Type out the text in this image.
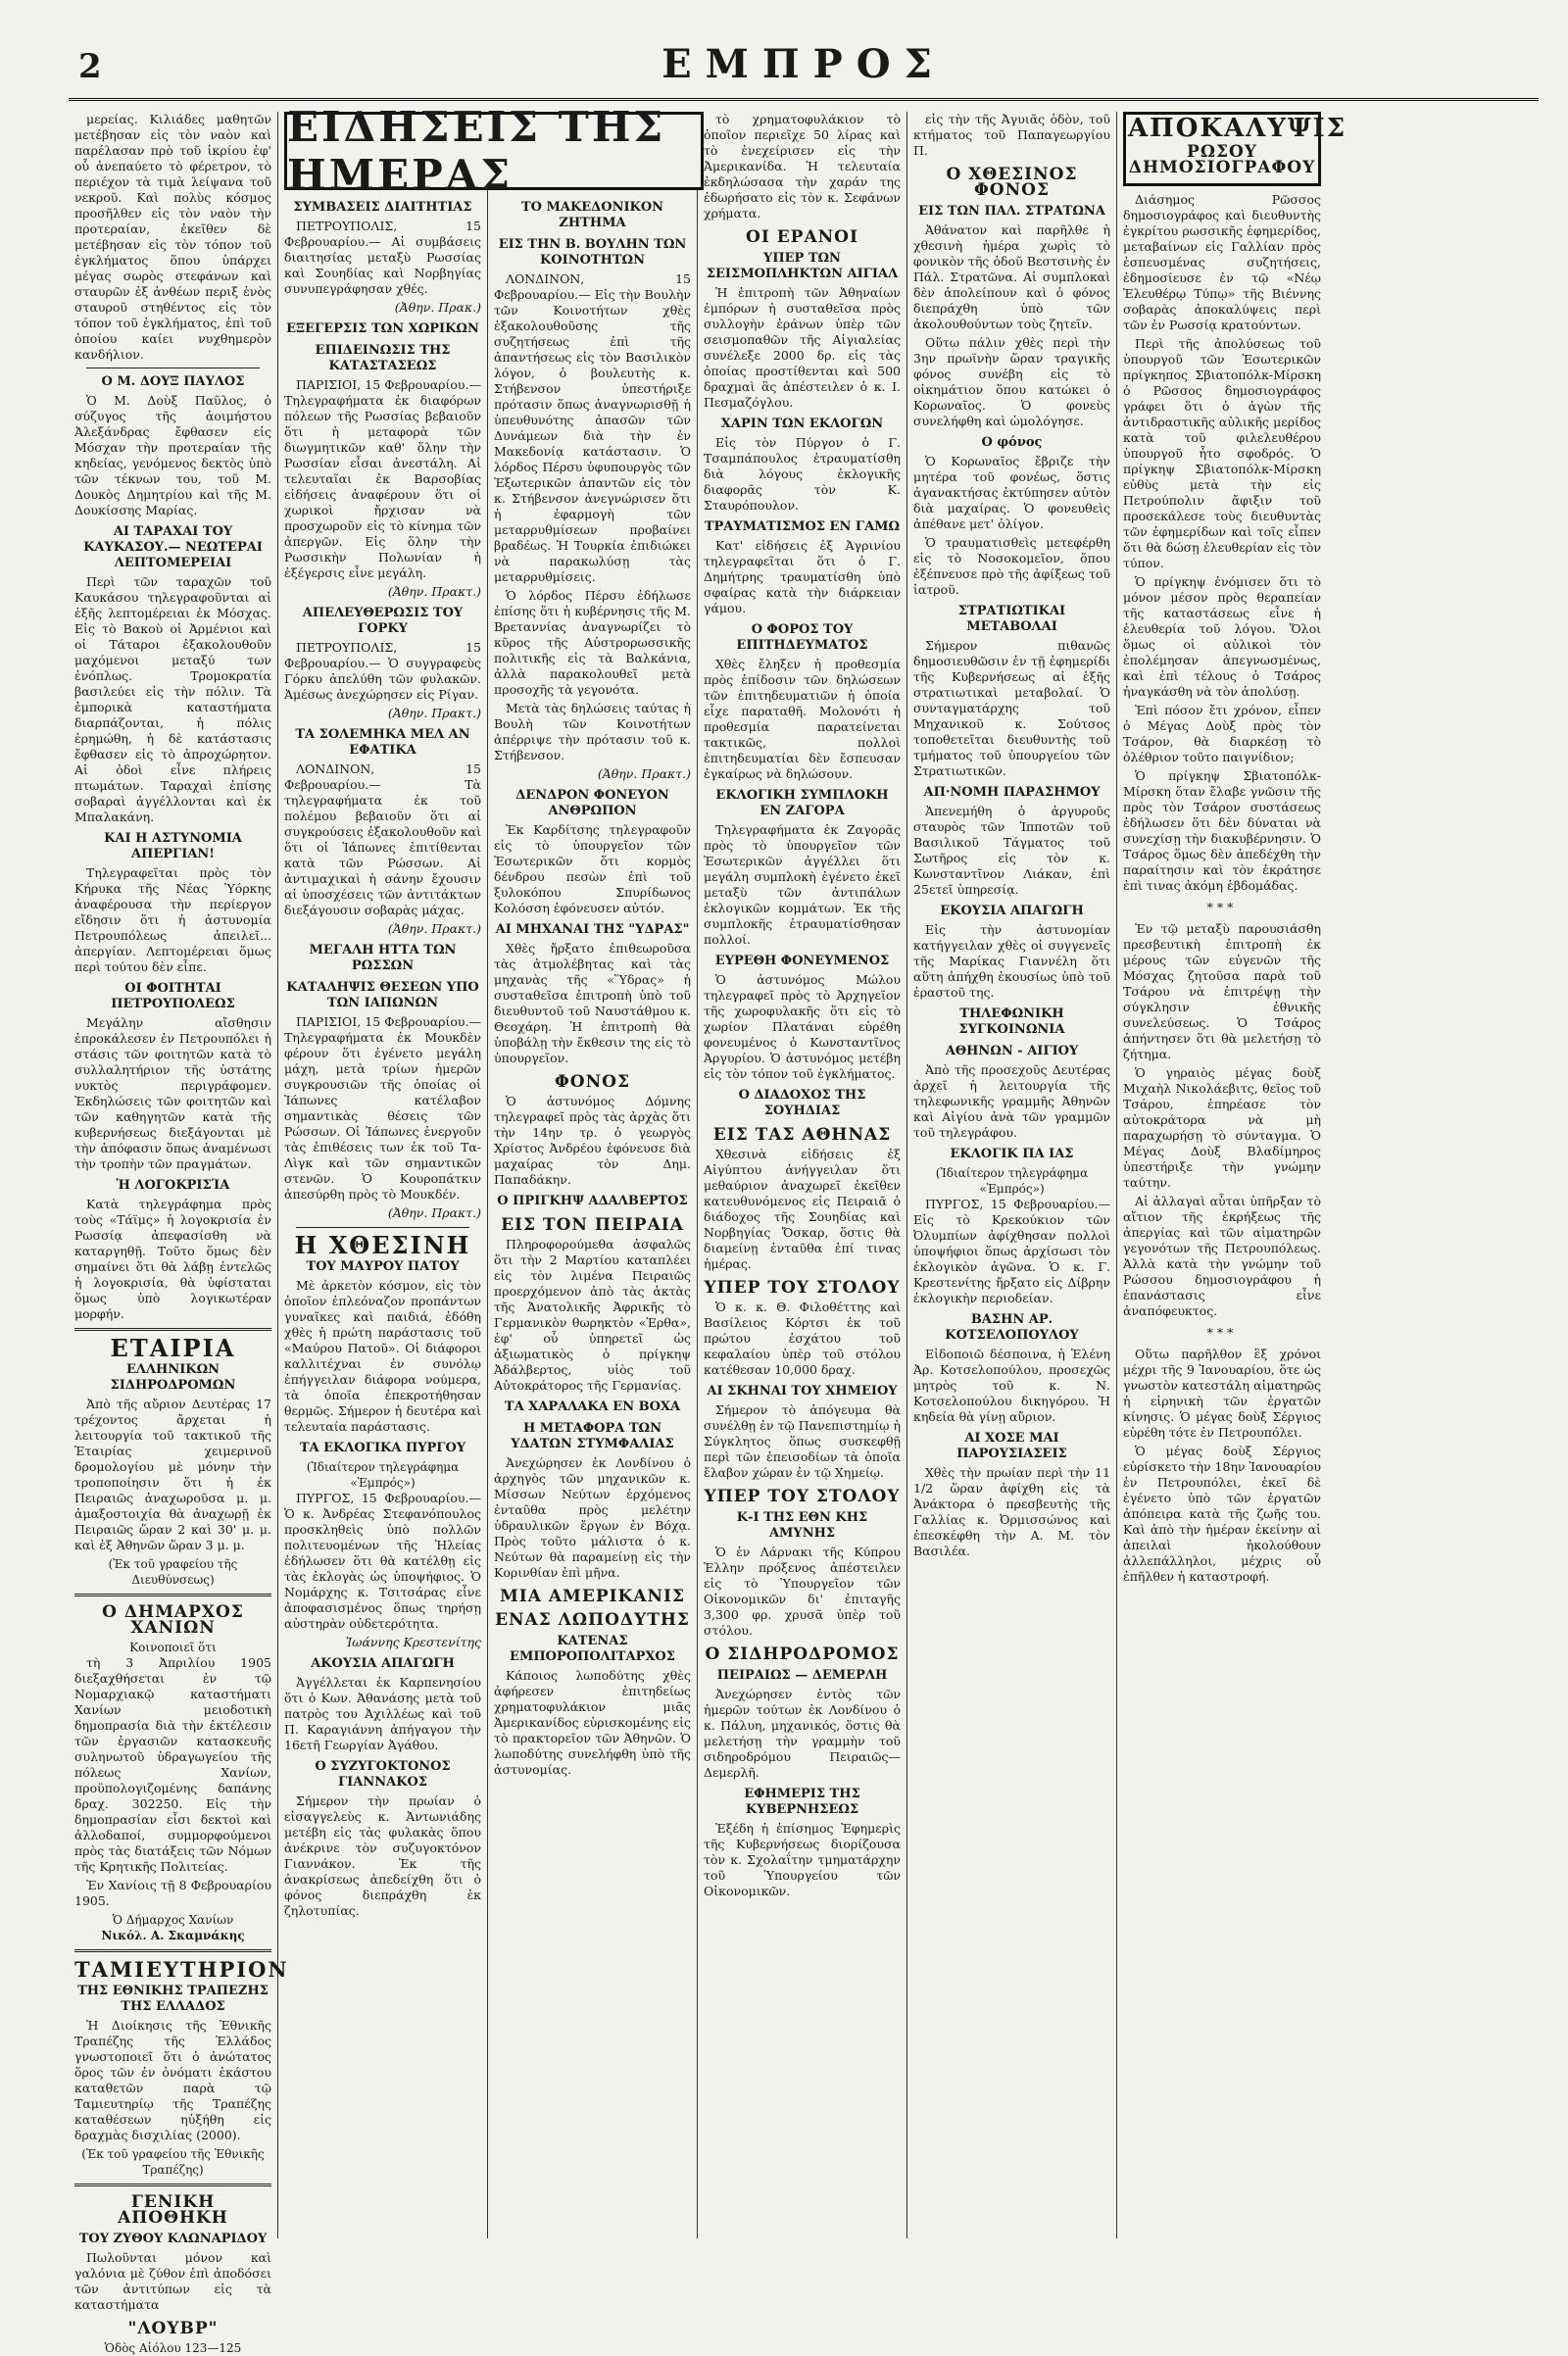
2	ΕΜΠΡΟΣ

μερείας. Κιλιάδες μαθητῶν μετέβησαν εἰς τὸν ναὸν καὶ παρέλασαν πρὸ τοῦ ἱκρίου ἐφ' οὗ ἀνεπαύετο τὸ φέρετρον, τὸ περιέχον τὰ τιμὰ λείψανα τοῦ νεκροῦ. Καὶ πολὺς κόσμος προσῆλθεν εἰς τὸν ναὸν τὴν προτεραίαν, ἐκεῖθεν δὲ μετέβησαν εἰς τὸν τόπον τοῦ ἐγκλήματος ὅπου ὑπάρχει μέγας σωρὸς στεφάνων καὶ σταυρῶν ἐξ ἀνθέων περιξ ἑνὸς σταυροῦ στηθέντος εἰς τὸν τόπον τοῦ ἐγκλήματος, ἐπὶ τοῦ ὁποίου καίει νυχθημερὸν κανδήλιον.

Ο Μ. ΔΟΥΞ ΠΑΥΛΟΣ

Ὁ Μ. Δοὺξ Παῦλος, ὁ σύζυγος τῆς ἀοιμήστου Ἀλεξάνδρας ἔφθασεν εἰς Μόσχαν τὴν προτεραίαν τῆς κηδείας, γενόμενος δεκτὸς ὑπὸ τῶν τέκνων του, τοῦ Μ. Δουκὸς Δημητρίου καὶ τῆς Μ. Δουκίσσης Μαρίας.

ΑΙ ΤΑΡΑΧΑΙ ΤΟΥ ΚΑΥΚΑΣΟΥ.— ΝΕΩΤΕΡΑΙ ΛΕΠΤΟΜΕΡΕΙΑΙ

Περὶ τῶν ταραχῶν τοῦ Καυκάσου τηλεγραφοῦνται αἱ ἑξῆς λεπτομέρειαι ἐκ Μόσχας. Εἰς τὸ Βακοὺ οἱ Ἀρμένιοι καὶ οἱ Τάταροι ἐξακολουθοῦν μαχόμενοι μεταξύ των ἐνόπλως. Τρομοκρατία βασιλεύει εἰς τὴν πόλιν. Τὰ ἐμπορικὰ καταστήματα διαρπάζονται, ἡ πόλις ἐρημώθη, ἡ δὲ κατάστασις ἔφθασεν εἰς τὸ ἀπροχώρητον. Αἱ ὁδοὶ εἶνε πλήρεις πτωμάτων. Ταραχαὶ ἐπίσης σοβαραὶ ἀγγέλλονται καὶ ἐκ Μπαλακάνη.

ΚΑΙ Η ΑΣΤΥΝΟΜΙΑ ΑΠΕΡΓΙΑΝ!

Τηλεγραφεῖται πρὸς τὸν Κήρυκα τῆς Νέας Ὑόρκης ἀναφέρουσα τὴν περίεργον εἴδησιν ὅτι ἡ ἀστυνομία Πετρουπόλεως ἀπειλεῖ... ἀπεργίαν. Λεπτομέρειαι ὅμως περὶ τούτου δὲν εἶπε.

ΟΙ ΦΟΙΤΗΤΑΙ ΠΕΤΡΟΥΠΟΛΕΩΣ

Μεγάλην αἴσθησιν ἐπροκάλεσεν ἐν Πετρουπόλει ἡ στάσις τῶν φοιτητῶν κατὰ τὸ συλλαλητήριον τῆς ὑστάτης νυκτὸς περιγράφομεν. Ἐκδηλώσεις τῶν φοιτητῶν καὶ τῶν καθηγητῶν κατὰ τῆς κυβερνήσεως διεξάγονται μὲ τὴν ἀπόφασιν ὅπως ἀναμένωσι τὴν τροπὴν τῶν πραγμάτων.

Ἡ ΛΟΓΟΚΡΙΣΊΑ

Κατὰ τηλεγράφημα πρὸς τοὺς «Τάϊμς» ἡ λογοκρισία ἐν Ρωσσίᾳ ἀπεφασίσθη νὰ καταργηθῇ. Τοῦτο ὅμως δὲν σημαίνει ὅτι θὰ λάβῃ ἐντελῶς ἡ λογοκρισία, θὰ ὑφίσταται ὅμως ὑπὸ λογικωτέραν μορφήν.

ΕΤΑΙΡΙΑ
ΕΛΛΗΝΙΚΩΝ ΣΙΔΗΡΟΔΡΟΜΩΝ

Ἀπὸ τῆς αὔριον Δευτέρας 17 τρέχοντος ἄρχεται ἡ λειτουργία τοῦ τακτικοῦ τῆς Ἑταιρίας χειμερινοῦ δρομολογίου μὲ μόνην τὴν τροποποίησιν ὅτι ἡ ἐκ Πειραιῶς ἀναχωροῦσα μ. μ. ἁμαξοστοιχία θὰ ἀναχωρῇ ἐκ Πειραιῶς ὥραν 2 καὶ 30' μ. μ. καὶ ἐξ Ἀθηνῶν ὥραν 3 μ. μ.

(Ἐκ τοῦ γραφείου τῆς Διευθύνσεως)
Ο ΔΗΜΑΡΧΟΣ ΧΑΝΙΩΝ
Κοινοποιεῖ ὅτι

τὴ 3 Ἀπριλίου 1905 διεξαχθήσεται ἐν τῷ Νομαρχιακῷ καταστήματι Χανίων μειοδοτικὴ δημοπρασία διὰ τὴν ἐκτέλεσιν τῶν ἐργασιῶν κατασκευῆς συληνωτοῦ ὑδραγωγείου τῆς πόλεως Χανίων, προϋπολογιζομένης δαπάνης δραχ. 302250. Εἰς τὴν δημοπρασίαν εἶσι δεκτοὶ καὶ ἀλλοδαποί, συμμορφούμενοι πρὸς τὰς διατάξεις τῶν Νόμων τῆς Κρητικῆς Πολιτείας.

Ἐν Χανίοις τῇ 8 Φεβρουαρίου 1905.

Ὁ Δήμαρχος Χανίων
Νικόλ. Α. Σκαμνάκης
ΤΑΜΙΕΥΤΗΡΙΟΝ
ΤΗΣ ΕΘΝΙΚΗΣ ΤΡΑΠΕΖΗΣ ΤΗΣ ΕΛΛΑΔΟΣ

Ἡ Διοίκησις τῆς Ἐθνικῆς Τραπέζης τῆς Ἑλλάδος γνωστοποιεῖ ὅτι ὁ ἀνώτατος ὅρος τῶν ἐν ὀνόματι ἑκάστου καταθετῶν παρὰ τῷ Ταμιευτηρίῳ τῆς Τραπέζης καταθέσεων ηὐξήθη εἰς δραχμὰς δισχιλίας (2000).

(Ἐκ τοῦ γραφείου τῆς Ἐθνικῆς Τραπέζης)
ΓΕΝΙΚΗ ΑΠΟΘΗΚΗ
ΤΟΥ ΖΥΘΟΥ ΚΛΩΝΑΡΙΔΟΥ

Πωλοῦνται μόνον καὶ γαλόνια μὲ ζύθον ἐπὶ ἀποδόσει τῶν ἀντιτύπων εἰς τὰ καταστήματα

"ΛΟΥΒΡ"
Ὁδὸς Αἰόλου 123—125
ΣΥΜΒΑΣΕΙΣ ΔΙΑΙΤΗΤΙΑΣ

ΠΕΤΡΟΥΠΟΛΙΣ, 15 Φεβρουαρίου.— Αἱ συμβάσεις διαιτησίας μεταξὺ Ρωσσίας καὶ Σουηδίας καὶ Νορβηγίας συνυπεγράφησαν χθές.

(Ἀθην. Πρακ.)
ΕΞΕΓΕΡΣΙΣ ΤΩΝ ΧΩΡΙΚΩΝ
ΕΠΙΔΕΙΝΩΣΙΣ ΤΗΣ ΚΑΤΑΣΤΑΣΕΩΣ

ΠΑΡΙΣΙΟΙ, 15 Φεβρουαρίου.— Τηλεγραφήματα ἐκ διαφόρων πόλεων τῆς Ρωσσίας βεβαιοῦν ὅτι ἡ μεταφορὰ τῶν διωγμητικῶν καθ' ὅλην τὴν Ρωσσίαν εἶσαι ἀνεστάλη. Αἱ τελευταῖαι ἐκ Βαρσοβίας εἰδήσεις ἀναφέρουν ὅτι οἱ χωρικοὶ ἤρχισαν νὰ προσχωροῦν εἰς τὸ κίνημα τῶν ἀπεργῶν. Εἰς ὅλην τὴν Ρωσσικὴν Πολωνίαν ἡ ἐξέγερσις εἶνε μεγάλη.

(Ἀθην. Πρακτ.)
ΑΠΕΛΕΥΘΕΡΩΣΙΣ ΤΟΥ ΓΟΡΚΥ

ΠΕΤΡΟΥΠΟΛΙΣ, 15 Φεβρουαρίου.— Ὁ συγγραφεὺς Γόρκυ ἀπελύθη τῶν φυλακῶν. Ἀμέσως ἀνεχώρησεν εἰς Ρίγαν.

(Ἀθην. Πρακτ.)
ΤΑ ΣΟΛΕΜΗΚΑ ΜΕΛ ΑΝ ΕΦΑΤΙΚΑ

ΛΟΝΔΙΝΟΝ, 15 Φεβρουαρίου.— Τὰ τηλεγραφήματα ἐκ τοῦ πολέμου βεβαιοῦν ὅτι αἱ συγκρούσεις ἐξακολουθοῦν καὶ ὅτι οἱ Ἰάπωνες ἐπιτίθενται κατὰ τῶν Ρώσσων. Αἱ ἀντιμαχικαὶ ἡ σάνην ἔχουσιν αἱ ὑποσχέσεις τῶν ἀντιτάκτων διεξάγουσιν σοβαρὰς μάχας.

(Ἀθην. Πρακτ.)
ΜΕΓΑΛΗ ΗΤΤΑ ΤΩΝ ΡΩΣΣΩΝ
ΚΑΤΑΛΗΨΙΣ ΘΕΣΕΩΝ ΥΠΟ ΤΩΝ ΙΑΠΩΝΩΝ

ΠΑΡΙΣΙΟΙ, 15 Φεβρουαρίου.— Τηλεγραφήματα ἐκ Μουκδὲν φέρουν ὅτι ἐγένετο μεγάλη μάχη, μετὰ τρίων ἡμερῶν συγκρουσιῶν τῆς ὁποίας οἱ Ἰάπωνες κατέλαβον σημαντικὰς θέσεις τῶν Ρώσσων. Οἱ Ἰάπωνες ἐνεργοῦν τὰς ἐπιθέσεις των ἐκ τοῦ Τα-Λὶγκ καὶ τῶν σημαντικῶν στενῶν. Ὁ Κουροπάτκιν ἀπεσύρθη πρὸς τὸ Μουκδέν.

(Ἀθην. Πρακτ.)
Η ΧΘΕΣΙΝΗ
ΤΟΥ ΜΑΥΡΟΥ ΠΑΤΟΥ

Μὲ ἀρκετὸν κόσμον, εἰς τὸν ὁποῖον ἐπλεόναζον προπάντων γυναῖκες καὶ παιδιά, ἐδόθη χθὲς ἡ πρώτη παράστασις τοῦ «Μαύρου Πατοῦ». Οἱ διάφοροι καλλιτέχναι ἐν συνόλῳ ἐπήγγειλαν διάφορα νούμερα, τὰ ὁποῖα ἐπεκροτήθησαν θερμῶς. Σήμερον ἡ δευτέρα καὶ τελευταία παράστασις.

ΤΑ ΕΚΛΟΓΙΚΑ ΠΥΡΓΟΥ
(Ἰδιαίτερον τηλεγράφημα «Ἐμπρός»)

ΠΥΡΓΟΣ, 15 Φεβρουαρίου.— Ὁ κ. Ἀνδρέας Στεφανόπουλος προσκληθεὶς ὑπὸ πολλῶν πολιτευομένων τῆς Ἠλείας ἐδήλωσεν ὅτι θὰ κατέλθῃ εἰς τὰς ἐκλογὰς ὡς ὑποψήφιος. Ὁ Νομάρχης κ. Τσιτσάρας εἶνε ἀποφασισμένος ὅπως τηρήσῃ αὐστηρὰν οὐδετερότητα.

Ἰωάννης Κρεστενίτης
ΑΚΟΥΣΙΑ ΑΠΑΓΩΓΗ

Ἀγγέλλεται ἐκ Καρπενησίου ὅτι ὁ Κων. Ἀθανάσης μετὰ τοῦ πατρὸς του Ἀχιλλέως καὶ τοῦ Π. Καραγιάννη ἀπήγαγον τὴν 16ετῆ Γεωργίαν Ἀγάθου.

Ο ΣΥΖΥΓΟΚΤΟΝΟΣ ΓΙΑΝΝΑΚΟΣ

Σήμερον τὴν πρωίαν ὁ εἰσαγγελεὺς κ. Ἀντωνιάδης μετέβη εἰς τὰς φυλακὰς ὅπου ἀνέκρινε τὸν συζυγοκτόνον Γιαννάκον. Ἐκ τῆς ἀνακρίσεως ἀπεδείχθη ὅτι ὁ φόνος διεπράχθη ἐκ ζηλοτυπίας.

ΤΟ ΜΑΚΕΔΟΝΙΚΟΝ ΖΗΤΗΜΑ
ΕΙΣ ΤΗΝ Β. ΒΟΥΛΗΝ ΤΩΝ ΚΟΙΝΟΤΗΤΩΝ

ΛΟΝΔΙΝΟΝ, 15 Φεβρουαρίου.— Εἰς τὴν Βουλὴν τῶν Κοινοτήτων χθὲς ἐξακολουθοῦσης τῆς συζητήσεως ἐπὶ τῆς ἀπαντήσεως εἰς τὸν Βασιλικὸν λόγον, ὁ βουλευτὴς κ. Στήβενσον ὑπεστήριξε πρότασιν ὅπως ἀναγνωρισθῇ ἡ ὑπευθυνότης ἁπασῶν τῶν Δυνάμεων διὰ τὴν ἐν Μακεδονίᾳ κατάστασιν. Ὁ λόρδος Πέρσυ ὑφυπουργὸς τῶν Ἐξωτερικῶν ἀπαντῶν εἰς τὸν κ. Στήβενσον ἀνεγνώρισεν ὅτι ἡ ἐφαρμογὴ τῶν μεταρρυθμίσεων προβαίνει βραδέως. Ἡ Τουρκία ἐπιδιώκει νὰ παρακωλύσῃ τὰς μεταρρυθμίσεις.

Ὁ λόρδος Πέρσυ ἐδήλωσε ἐπίσης ὅτι ἡ κυβέρνησις τῆς Μ. Βρεταννίας ἀναγνωρίζει τὸ κῦρος τῆς Αὐστρορωσσικῆς πολιτικῆς εἰς τὰ Βαλκάνια, ἀλλὰ παρακολουθεῖ μετὰ προσοχῆς τὰ γεγονότα.

Μετὰ τὰς δηλώσεις ταύτας ἡ Βουλὴ τῶν Κοινοτήτων ἀπέρριψε τὴν πρότασιν τοῦ κ. Στήβενσον.

(Ἀθην. Πρακτ.)
ΔΕΝΔΡΟΝ ΦΟΝΕΥΟΝ ΑΝΘΡΩΠΟΝ

Ἐκ Καρδίτσης τηλεγραφοῦν εἰς τὸ ὑπουργεῖον τῶν Ἐσωτερικῶν ὅτι κορμὸς δένδρου πεσὼν ἐπὶ τοῦ ξυλοκόπου Σπυρίδωνος Κολόσση ἐφόνευσεν αὐτόν.

ΑΙ ΜΗΧΑΝΑΙ ΤΗΣ "ΥΔΡΑΣ"

Χθὲς ἤρξατο ἐπιθεωροῦσα τὰς ἀτμολέβητας καὶ τὰς μηχανὰς τῆς «Ὕδρας» ἡ συσταθεῖσα ἐπιτροπὴ ὑπὸ τοῦ διευθυντοῦ τοῦ Ναυστάθμου κ. Θεοχάρη. Ἡ ἐπιτροπὴ θὰ ὑποβάλῃ τὴν ἔκθεσιν της εἰς τὸ ὑπουργεῖον.

ΦΟΝΟΣ

Ὁ ἀστυνόμος Δόμνης τηλεγραφεῖ πρὸς τὰς ἀρχὰς ὅτι τὴν 14ην τρ. ὁ γεωργὸς Χρίστος Ἀνδρέου ἐφόνευσε διὰ μαχαίρας τὸν Δημ. Παπαδάκην.

Ο ΠΡΙΓΚΗΨ ΑΔΑΛΒΕΡΤΟΣ
ΕΙΣ ΤΟΝ ΠΕΙΡΑΙΑ

Πληροφορούμεθα ἀσφαλῶς ὅτι τὴν 2 Μαρτίου καταπλέει εἰς τὸν λιμένα Πειραιῶς προερχόμενον ἀπὸ τὰς ἀκτὰς τῆς Ἀνατολικῆς Ἀφρικῆς τὸ Γερμανικὸν θωρηκτὸν «Ἐρθα», ἐφ' οὗ ὑπηρετεῖ ὡς ἀξιωματικὸς ὁ πρίγκηψ Ἀδάλβερτος, υἱὸς τοῦ Αὐτοκράτορος τῆς Γερμανίας.

ΤΑ ΧΑΡΑΛΑΚΑ ΕΝ ΒΟΧΑ
Η ΜΕΤΑΦΟΡΑ ΤΩΝ ΥΔΑΤΩΝ ΣΤΥΜΦΑΛΙΑΣ

Ἀνεχώρησεν ἐκ Λονδίνου ὁ ἀρχηγὸς τῶν μηχανικῶν κ. Μίσσων Νεύτων ἐρχόμενος ἐνταῦθα πρὸς μελέτην ὑδραυλικῶν ἔργων ἐν Βόχᾳ. Πρὸς τοῦτο μάλιστα ὁ κ. Νεύτων θὰ παραμείνῃ εἰς τὴν Κορινθίαν ἐπὶ μῆνα.

ΜΙΑ ΑΜΕΡΙΚΑΝΙΣ
ΕΝΑΣ ΛΩΠΟΔΥΤΗΣ
ΚΑΤΕΝΑΣ ΕΜΠΟΡΟΠΟΛΙΤΑΡΧΟΣ

Κάποιος λωποδύτης χθὲς ἀφήρεσεν ἐπιτηδείως χρηματοφυλάκιον μιᾶς Ἀμερικανίδος εὑρισκομένης εἰς τὸ πρακτορεῖον τῶν Ἀθηνῶν. Ὁ λωποδύτης συνελήφθη ὑπὸ τῆς ἀστυνομίας.

τὸ χρηματοφυλάκιον τὸ ὁποῖον περιεῖχε 50 λίρας καὶ τὸ ἐνεχείρισεν εἰς τὴν Ἀμερικανίδα. Ἡ τελευταία ἐκδηλώσασα τὴν χαράν της ἐδωρήσατο εἰς τὸν κ. Σεφάνων χρήματα.

ΟΙ ΕΡΑΝΟΙ
ΥΠΕΡ ΤΩΝ ΣΕΙΣΜΟΠΛΗΚΤΩΝ ΑΙΓΙΑΛ

Ἡ ἐπιτροπὴ τῶν Ἀθηναίων ἐμπόρων ἡ συσταθεῖσα πρὸς συλλογὴν ἐράνων ὑπὲρ τῶν σεισμοπαθῶν τῆς Αἰγιαλείας συνέλεξε 2000 δρ. εἰς τὰς ὁποίας προστίθενται καὶ 500 δραχμαὶ ἃς ἀπέστειλεν ὁ κ. Ι. Πεσμαζόγλου.

ΧΑΡΙΝ ΤΩΝ ΕΚΛΟΓΩΝ

Εἰς τὸν Πύργον ὁ Γ. Τσαμπάπουλος ἐτραυματίσθη διὰ λόγους ἐκλογικῆς διαφορᾶς τὸν Κ. Σταυρόπουλον.

ΤΡΑΥΜΑΤΙΣΜΟΣ ΕΝ ΓΑΜΩ

Κατ' εἰδήσεις ἐξ Ἀγρινίου τηλεγραφεῖται ὅτι ὁ Γ. Δημήτρης τραυματίσθη ὑπὸ σφαίρας κατὰ τὴν διάρκειαν γάμου.

Ο ΦΟΡΟΣ ΤΟΥ ΕΠΙΤΗΔΕΥΜΑΤΟΣ

Χθὲς ἔληξεν ἡ προθεσμία πρὸς ἐπίδοσιν τῶν δηλώσεων τῶν ἐπιτηδευματιῶν ἡ ὁποία εἶχε παραταθῆ. Μολονότι ἡ προθεσμία παρατείνεται τακτικῶς, πολλοὶ ἐπιτηδευματίαι δὲν ἔσπευσαν ἐγκαίρως νὰ δηλώσουν.

ΕΚΛΟΓΙΚΗ ΣΥΜΠΛΟΚΗ ΕΝ ΖΑΓΟΡΑ

Τηλεγραφήματα ἐκ Ζαγορᾶς πρὸς τὸ ὑπουργεῖον τῶν Ἐσωτερικῶν ἀγγέλλει ὅτι μεγάλη συμπλοκὴ ἐγένετο ἐκεῖ μεταξὺ τῶν ἀντιπάλων ἐκλογικῶν κομμάτων. Ἐκ τῆς συμπλοκῆς ἐτραυματίσθησαν πολλοί.

ΕΥΡΕΘΗ ΦΟΝΕΥΜΕΝΟΣ

Ὁ ἀστυνόμος Μώλου τηλεγραφεῖ πρὸς τὸ Ἀρχηγεῖον τῆς χωροφυλακῆς ὅτι εἰς τὸ χωρίον Πλατάναι εὑρέθη φονευμένος ὁ Κωνσταντῖνος Ἀργυρίου. Ὁ ἀστυνόμος μετέβη εἰς τὸν τόπον τοῦ ἐγκλήματος.

Ο ΔΙΑΔΟΧΟΣ ΤΗΣ ΣΟΥΗΔΙΑΣ
ΕΙΣ ΤΑΣ ΑΘΗΝΑΣ

Χθεσινὰ εἰδήσεις ἐξ Αἰγύπτου ἀνήγγειλαν ὅτι μεθαύριον ἀναχωρεῖ ἐκεῖθεν κατευθυνόμενος εἰς Πειραιᾶ ὁ διάδοχος τῆς Σουηδίας καὶ Νορβηγίας Ὄσκαρ, ὅστις θὰ διαμείνῃ ἐνταῦθα ἐπί τινας ἡμέρας.

ΥΠΕΡ ΤΟΥ ΣΤΟΛΟΥ

Ὁ κ. κ. Θ. Φιλοθέττης καὶ Βασίλειος Κόρτσι ἐκ τοῦ πρώτου ἐσχάτου τοῦ κεφαλαίου ὑπὲρ τοῦ στόλου κατέθεσαν 10,000 δραχ.

ΑΙ ΣΚΗΝΑΙ ΤΟΥ ΧΗΜΕΙΟΥ

Σήμερον τὸ ἀπόγευμα θὰ συνέλθῃ ἐν τῷ Πανεπιστημίῳ ἡ Σύγκλητος ὅπως συσκεφθῇ περὶ τῶν ἐπεισοδίων τὰ ὁποῖα ἔλαβον χώραν ἐν τῷ Χημείῳ.

ΥΠΕΡ ΤΟΥ ΣΤΟΛΟΥ
Κ-Ι ΤΗΣ ΕΘΝ ΚΗΣ ΑΜΥΝΗΣ

Ὁ ἐν Λάρνακι τῆς Κύπρου Ἑλλην πρόξενος ἀπέστειλεν εἰς τὸ Ὑπουργεῖον τῶν Οἰκονομικῶν δι' ἐπιταγῆς 3,300 φρ. χρυσᾶ ὑπὲρ τοῦ στόλου.

Ο ΣΙΔΗΡΟΔΡΟΜΟΣ
ΠΕΙΡΑΙΩΣ — ΔΕΜΕΡΛΗ

Ἀνεχώρησεν ἐντὸς τῶν ἡμερῶν τούτων ἐκ Λονδίνου ὁ κ. Πάλυη, μηχανικός, ὅστις θὰ μελετήσῃ τὴν γραμμὴν τοῦ σιδηροδρόμου Πειραιῶς—Δεμερλῆ.

ΕΦΗΜΕΡΙΣ ΤΗΣ ΚΥΒΕΡΝΗΣΕΩΣ

Ἐξέδη ἡ ἐπίσημος Ἐφημερὶς τῆς Κυβερνήσεως διορίζουσα τὸν κ. Σχολαΐτην τμηματάρχην τοῦ Ὑπουργείου τῶν Οἰκονομικῶν.

εἰς τὴν τῆς Ἀγυιᾶς ὁδὸν, τοῦ κτήματος τοῦ Παπαγεωργίου Π.

Ο ΧΘΕΣΙΝΟΣ ΦΟΝΟΣ
ΕΙΣ ΤΩΝ ΠΑΛ. ΣΤΡΑΤΩΝΑ

Ἀθάνατον καὶ παρῆλθε ἡ χθεσινὴ ἡμέρα χωρὶς τὸ φονικὸν τῆς ὁδοῦ Βεστσινὴς ἐν Πάλ. Στρατῶνα. Αἱ συμπλοκαὶ δὲν ἀπολείπουν καὶ ὁ φόνος διεπράχθη ὑπὸ τῶν ἀκολουθούντων τοὺς ζητεῖν.

Οὕτω πάλιν χθὲς περὶ τὴν 3ην πρωϊνὴν ὥραν τραγικῆς φόνος συνέβη εἰς τὸ οἰκημάτιον ὅπου κατώκει ὁ Κορωναῖος. Ὁ φονεὺς συνελήφθη καὶ ὡμολόγησε.

Ο φόνος

Ὁ Κορωναῖος ἔβριζε τὴν μητέρα τοῦ φονέως, ὅστις ἀγανακτήσας ἐκτύπησεν αὐτὸν διὰ μαχαίρας. Ὁ φονευθεὶς ἀπέθανε μετ' ὀλίγον.

Ὁ τραυματισθεὶς μετεφέρθη εἰς τὸ Νοσοκομεῖον, ὅπου ἐξέπνευσε πρὸ τῆς ἀφίξεως τοῦ ἰατροῦ.

ΣΤΡΑΤΙΩΤΙΚΑΙ ΜΕΤΑΒΟΛΑΙ

Σήμερον πιθανῶς δημοσιευθῶσιν ἐν τῇ ἐφημερίδι τῆς Κυβερνήσεως αἱ ἑξῆς στρατιωτικαὶ μεταβολαί. Ὁ συνταγματάρχης τοῦ Μηχανικοῦ κ. Σούτσος τοποθετεῖται διευθυντὴς τοῦ τμήματος τοῦ ὑπουργείου τῶν Στρατιωτικῶν.

ΑΠ·ΝΟΜΗ ΠΑΡΑΣΗΜΟΥ

Ἀπενεμήθη ὁ ἀργυροῦς σταυρὸς τῶν Ἱπποτῶν τοῦ Βασιλικοῦ Τάγματος τοῦ Σωτῆρος εἰς τὸν κ. Κωνσταντῖνον Λιάκαν, ἐπὶ 25ετεῖ ὑπηρεσίᾳ.

ΕΚΟΥΣΙΑ ΑΠΑΓΩΓΗ

Εἰς τὴν ἀστυνομίαν κατήγγειλαν χθὲς οἱ συγγενεῖς τῆς Μαρίκας Γιαννέλη ὅτι αὕτη ἀπήχθη ἑκουσίως ὑπὸ τοῦ ἐραστοῦ της.

ΤΗΛΕΦΩΝΙΚΗ ΣΥΓΚΟΙΝΩΝΙΑ
ΑΘΗΝΩΝ - ΑΙΓΙΟΥ

Ἀπὸ τῆς προσεχοῦς Δευτέρας ἀρχεῖ ἡ λειτουργία τῆς τηλεφωνικῆς γραμμῆς Ἀθηνῶν καὶ Αἰγίου ἀνὰ τῶν γραμμῶν τοῦ τηλεγράφου.

ΕΚΛΟΓΙΚ ΠΑ ΙΑΣ
(Ἰδιαίτερον τηλεγράφημα «Ἐμπρός»)

ΠΥΡΓΟΣ, 15 Φεβρουαρίου.— Εἰς τὸ Κρεκούκιον τῶν Ὀλυμπίων ἀφίχθησαν πολλοὶ ὑποψήφιοι ὅπως ἀρχίσωσι τὸν ἐκλογικὸν ἀγῶνα. Ὁ κ. Γ. Κρεστενίτης ἤρξατο εἰς Δίβρην ἐκλογικὴν περιοδείαν.

ΒΑΣΗΝ ΑΡ. ΚΟΤΣΕΛΟΠΟΥΛΟΥ

Εἰδοποιῶ δέσποινα, ἡ Ἑλένη Ἀρ. Κοτσελοπούλου, προσεχῶς μητρὸς τοῦ κ. Ν. Κοτσελοπούλου δικηγόρου. Ἡ κηδεία θὰ γίνῃ αὔριον.

ΑΙ ΧΟΣΕ ΜΑΙ ΠΑΡΟΥΣΙΑΣΕΙΣ

Χθὲς τὴν πρωίαν περὶ τὴν 11 1/2 ὥραν ἀφίχθη εἰς τὰ Ἀνάκτορα ὁ πρεσβευτὴς τῆς Γαλλίας κ. Ὀρμισσώνος καὶ ἐπεσκέφθη τὴν Α. Μ. τὸν Βασιλέα.

ΑΠΟΚΑΛΥΨΙΣ
ΡΩΣΟΥ ΔΗΜΟΣΙΟΓΡΑΦΟΥ

Διάσημος Ρῶσσος δημοσιογράφος καὶ διευθυντὴς ἐγκρίτου ρωσσικῆς ἐφημερίδος, μεταβαίνων εἰς Γαλλίαν πρὸς ἐσπευσμένας συζητήσεις, ἐδημοσίευσε ἐν τῷ «Νέῳ Ἐλευθέρῳ Τύπῳ» τῆς Βιέννης σοβαρὰς ἀποκαλύψεις περὶ τῶν ἐν Ρωσσίᾳ κρατούντων.

Περὶ τῆς ἀπολύσεως τοῦ ὑπουργοῦ τῶν Ἐσωτερικῶν πρίγκηπος Σβιατοπόλκ-Μίρσκη ὁ Ρῶσσος δημοσιογράφος γράφει ὅτι ὁ ἀγὼν τῆς ἀντιδραστικῆς αὐλικῆς μερίδος κατὰ τοῦ φιλελευθέρου ὑπουργοῦ ἦτο σφοδρός. Ὁ πρίγκηψ Σβιατοπόλκ-Μίρσκη εὐθὺς μετὰ τὴν εἰς Πετρούπολιν ἄφιξιν τοῦ προσεκάλεσε τοὺς διευθυντὰς τῶν ἐφημερίδων καὶ τοῖς εἶπεν ὅτι θὰ δώσῃ ἐλευθερίαν εἰς τὸν τύπον.

Ὁ πρίγκηψ ἐνόμισεν ὅτι τὸ μόνον μέσον πρὸς θεραπείαν τῆς καταστάσεως εἶνε ἡ ἐλευθερία τοῦ λόγου. Ὅλοι ὅμως οἱ αὐλικοὶ τὸν ἐπολέμησαν ἀπεγνωσμένως, καὶ ἐπὶ τέλους ὁ Τσάρος ἠναγκάσθη νὰ τὸν ἀπολύσῃ.

Ἐπὶ πόσον ἔτι χρόνον, εἶπεν ὁ Μέγας Δοὺξ πρὸς τὸν Τσάρον, θὰ διαρκέσῃ τὸ ὀλέθριον τοῦτο παιγνίδιον;

Ὁ πρίγκηψ Σβιατοπόλκ-Μίρσκη ὅταν ἔλαβε γνῶσιν τῆς πρὸς τὸν Τσάρον συστάσεως ἐδήλωσεν ὅτι δὲν δύναται νὰ συνεχίσῃ τὴν διακυβέρνησιν. Ὁ Τσάρος ὅμως δὲν ἀπεδέχθη τὴν παραίτησιν καὶ τὸν ἐκράτησε ἐπὶ τινας ἀκόμη ἑβδομάδας.

***

Ἐν τῷ μεταξὺ παρουσιάσθη πρεσβευτικὴ ἐπιτροπὴ ἐκ μέρους τῶν εὐγενῶν τῆς Μόσχας ζητοῦσα παρὰ τοῦ Τσάρου νὰ ἐπιτρέψῃ τὴν σύγκλησιν ἐθνικῆς συνελεύσεως. Ὁ Τσάρος ἀπήντησεν ὅτι θὰ μελετήσῃ τὸ ζήτημα.

Ὁ γηραιὸς μέγας δοὺξ Μιχαὴλ Νικολάεβιτς, θεῖος τοῦ Τσάρου, ἐπηρέασε τὸν αὐτοκράτορα νὰ μὴ παραχωρήσῃ τὸ σύνταγμα. Ὁ Μέγας Δοὺξ Βλαδίμηρος ὑπεστήριξε τὴν γνώμην ταύτην.

Αἱ ἀλλαγαὶ αὗται ὑπῆρξαν τὸ αἴτιον τῆς ἐκρήξεως τῆς ἀπεργίας καὶ τῶν αἱματηρῶν γεγονότων τῆς Πετρουπόλεως. Ἀλλὰ κατὰ τὴν γνώμην τοῦ Ρώσσου δημοσιογράφου ἡ ἐπανάστασις εἶνε ἀναπόφευκτος.

***

Οὕτω παρῆλθον ἓξ χρόνοι μέχρι τῆς 9 Ἰανουαρίου, ὅτε ὡς γνωστὸν κατεστάλη αἱματηρῶς ἡ εἰρηνικὴ τῶν ἐργατῶν κίνησις. Ὁ μέγας δοὺξ Σέργιος εὑρέθη τότε ἐν Πετρουπόλει.

Ὁ μέγας δοὺξ Σέργιος εὑρίσκετο τὴν 18ην Ἰανουαρίου ἐν Πετρουπόλει, ἐκεῖ δὲ ἐγένετο ὑπὸ τῶν ἐργατῶν ἀπόπειρα κατὰ τῆς ζωῆς του. Καὶ ἀπὸ τὴν ἡμέραν ἐκείνην αἱ ἀπειλαὶ ἠκολούθουν ἀλλεπάλληλοι, μέχρις οὗ ἐπῆλθεν ἡ καταστροφή.

ΕΙΔΗΣΕΙΣ ΤΗΣ ΗΜΕΡΑΣ
